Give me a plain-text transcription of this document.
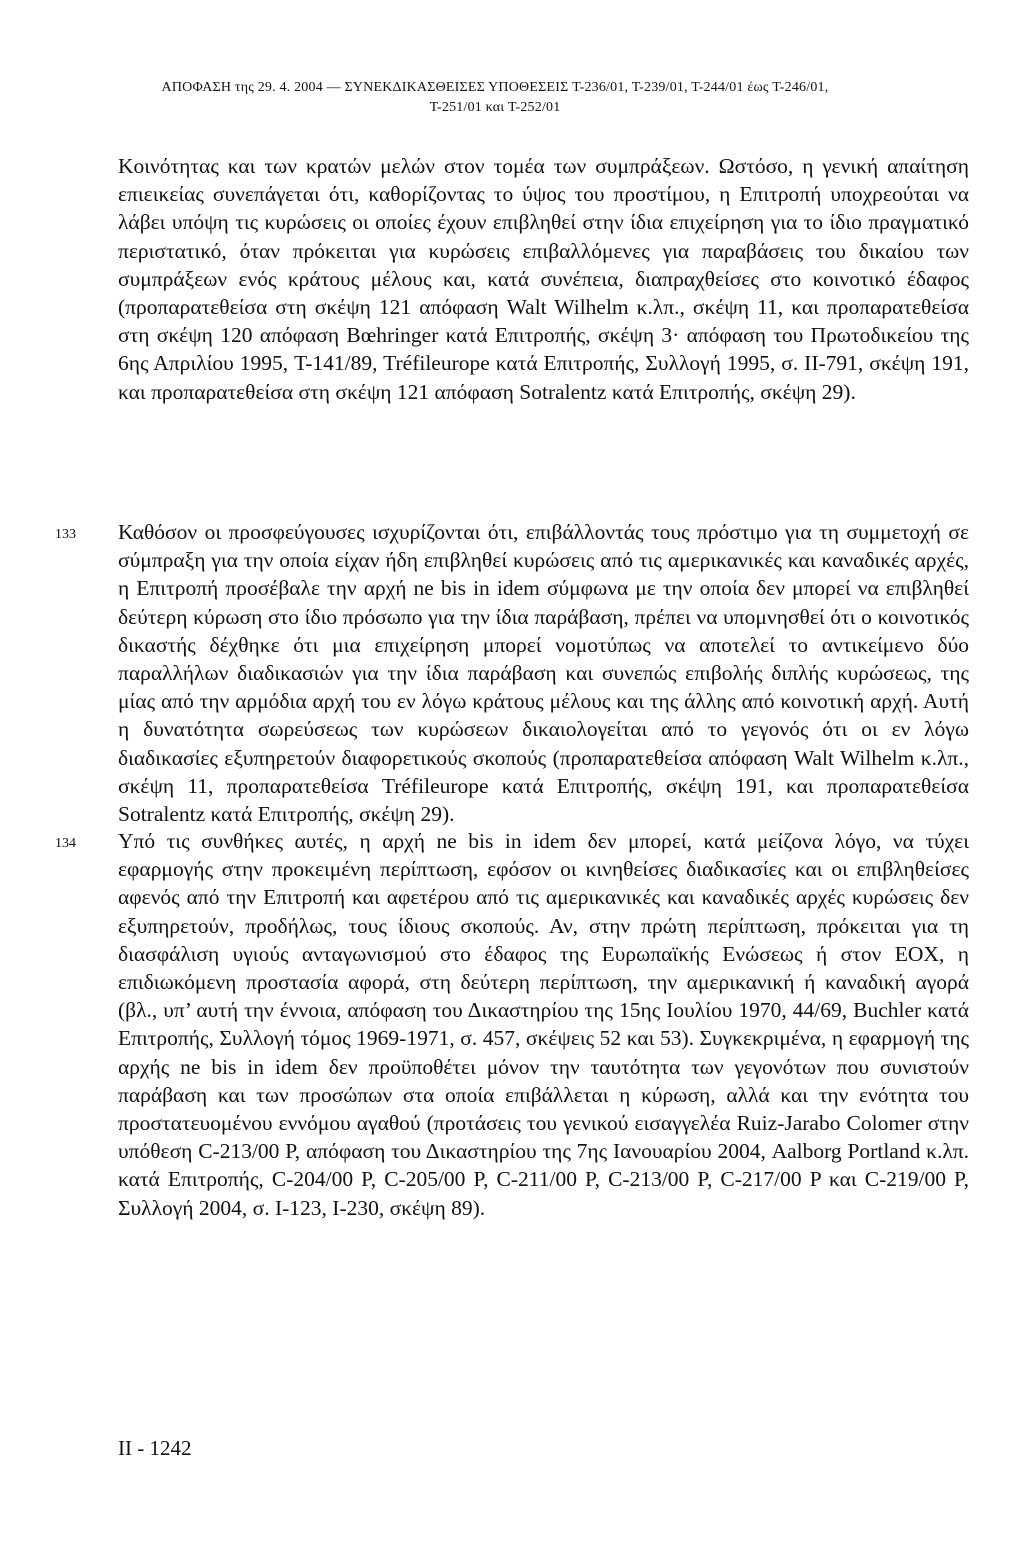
ΑΠΟΦΑΣΗ της 29. 4. 2004 — ΣΥΝΕΚΔΙΚΑΣΘΕΙΣΕΣ ΥΠΟΘΕΣΕΙΣ T-236/01, T-239/01, T-244/01 έως T-246/01,
T-251/01 και T-252/01
Κοινότητας και των κρατών μελών στον τομέα των συμπράξεων. Ωστόσο, η γενική απαίτηση επιεικείας συνεπάγεται ότι, καθορίζοντας το ύψος του προστίμου, η Επιτροπή υποχρεούται να λάβει υπόψη τις κυρώσεις οι οποίες έχουν επιβληθεί στην ίδια επιχείρηση για το ίδιο πραγματικό περιστατικό, όταν πρόκειται για κυρώσεις επιβαλλόμενες για παραβάσεις του δικαίου των συμπράξεων ενός κράτους μέλους και, κατά συνέπεια, διαπραχθείσες στο κοινοτικό έδαφος (προπαρατεθείσα στη σκέψη 121 απόφαση Walt Wilhelm κ.λπ., σκέψη 11, και προπαρατεθείσα στη σκέψη 120 απόφαση Bœhringer κατά Επιτροπής, σκέψη 3· απόφαση του Πρωτοδικείου της 6ης Απριλίου 1995, T-141/89, Tréfileurope κατά Επιτροπής, Συλλογή 1995, σ. II-791, σκέψη 191, και προπαρατεθείσα στη σκέψη 121 απόφαση Sotralentz κατά Επιτροπής, σκέψη 29).
133 Καθόσον οι προσφεύγουσες ισχυρίζονται ότι, επιβάλλοντάς τους πρόστιμο για τη συμμετοχή σε σύμπραξη για την οποία είχαν ήδη επιβληθεί κυρώσεις από τις αμερικανικές και καναδικές αρχές, η Επιτροπή προσέβαλε την αρχή ne bis in idem σύμφωνα με την οποία δεν μπορεί να επιβληθεί δεύτερη κύρωση στο ίδιο πρόσωπο για την ίδια παράβαση, πρέπει να υπομνησθεί ότι ο κοινοτικός δικαστής δέχθηκε ότι μια επιχείρηση μπορεί νομοτύπως να αποτελεί το αντικείμενο δύο παραλλήλων διαδικασιών για την ίδια παράβαση και συνεπώς επιβολής διπλής κυρώσεως, της μίας από την αρμόδια αρχή του εν λόγω κράτους μέλους και της άλλης από κοινοτική αρχή. Αυτή η δυνατότητα σωρεύσεως των κυρώσεων δικαιολογείται από το γεγονός ότι οι εν λόγω διαδικασίες εξυπηρετούν διαφορετικούς σκοπούς (προπαρατεθείσα απόφαση Walt Wilhelm κ.λπ., σκέψη 11, προπαρατεθείσα Tréfileurope κατά Επιτροπής, σκέψη 191, και προπαρατεθείσα Sotralentz κατά Επιτροπής, σκέψη 29).
134 Υπό τις συνθήκες αυτές, η αρχή ne bis in idem δεν μπορεί, κατά μείζονα λόγο, να τύχει εφαρμογής στην προκειμένη περίπτωση, εφόσον οι κινηθείσες διαδικασίες και οι επιβληθείσες αφενός από την Επιτροπή και αφετέρου από τις αμερικανικές και καναδικές αρχές κυρώσεις δεν εξυπηρετούν, προδήλως, τους ίδιους σκοπούς. Αν, στην πρώτη περίπτωση, πρόκειται για τη διασφάλιση υγιούς ανταγωνισμού στο έδαφος της Ευρωπαϊκής Ενώσεως ή στον ΕΟΧ, η επιδιωκόμενη προστασία αφορά, στη δεύτερη περίπτωση, την αμερικανική ή καναδική αγορά (βλ., υπ’ αυτή την έννοια, απόφαση του Δικαστηρίου της 15ης Ιουλίου 1970, 44/69, Buchler κατά Επιτροπής, Συλλογή τόμος 1969-1971, σ. 457, σκέψεις 52 και 53). Συγκεκριμένα, η εφαρμογή της αρχής ne bis in idem δεν προϋποθέτει μόνον την ταυτότητα των γεγονότων που συνιστούν παράβαση και των προσώπων στα οποία επιβάλλεται η κύρωση, αλλά και την ενότητα του προστατευομένου εννόμου αγαθού (προτάσεις του γενικού εισαγγελέα Ruiz-Jarabo Colomer στην υπόθεση C-213/00 P, απόφαση του Δικαστηρίου της 7ης Ιανουαρίου 2004, Aalborg Portland κ.λπ. κατά Επιτροπής, C-204/00 P, C-205/00 P, C-211/00 P, C-213/00 P, C-217/00 P και C-219/00 P, Συλλογή 2004, σ. I-123, I-230, σκέψη 89).
II - 1242
